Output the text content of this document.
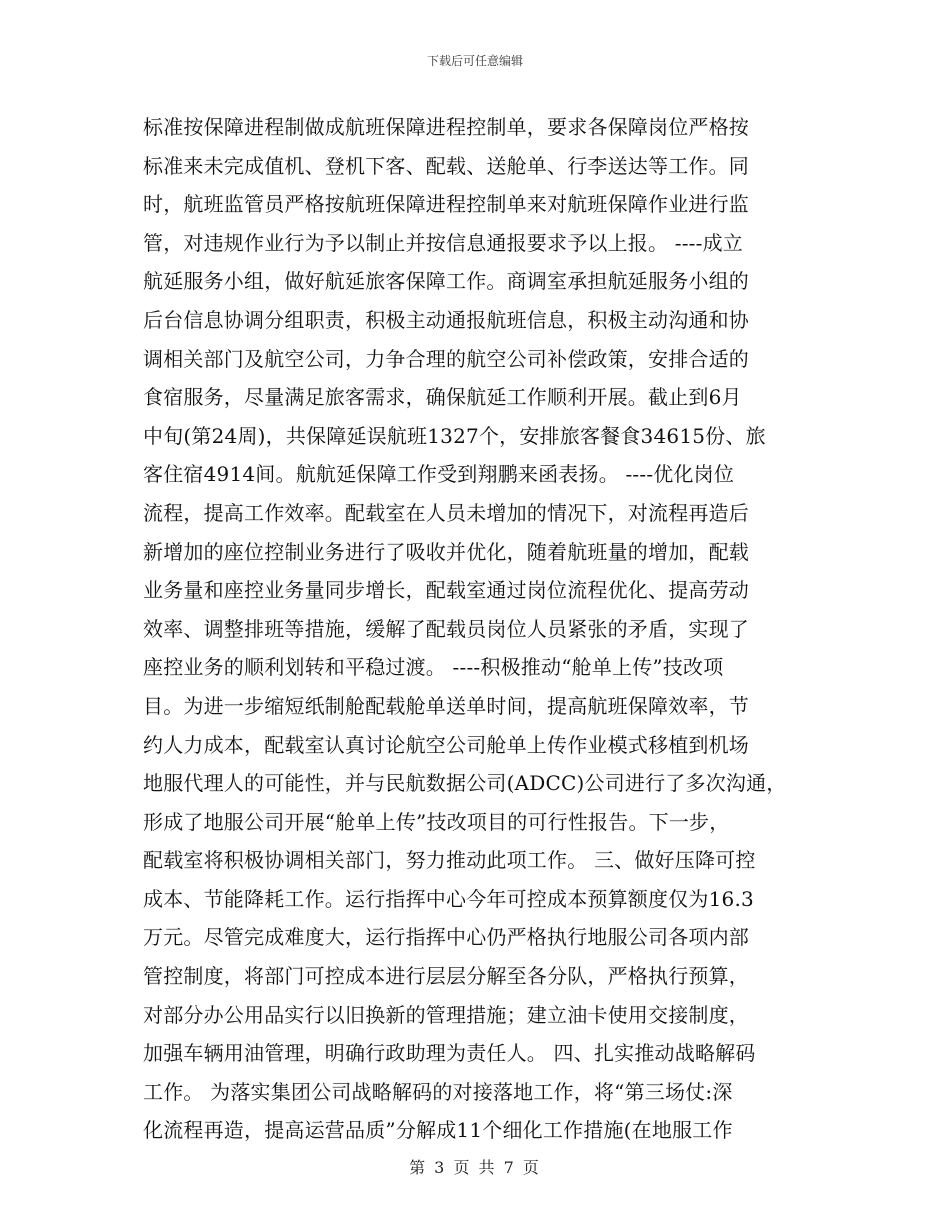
下载后可任意编辑
标准按保障进程制做成航班保障进程控制单，要求各保障岗位严格按
标准来未完成值机、登机下客、配载、送舱单、行李送达等工作。同
时，航班监管员严格按航班保障进程控制单来对航班保障作业进行监
管，对违规作业行为予以制止并按信息通报要求予以上报。 ----成立
航延服务小组，做好航延旅客保障工作。商调室承担航延服务小组的
后台信息协调分组职责，积极主动通报航班信息，积极主动沟通和协
调相关部门及航空公司，力争合理的航空公司补偿政策，安排合适的
食宿服务，尽量满足旅客需求，确保航延工作顺利开展。截止到6月
中旬(第24周)，共保障延误航班1327个，安排旅客餐食34615份、旅
客住宿4914间。航航延保障工作受到翔鹏来函表扬。 ----优化岗位
流程，提高工作效率。配载室在人员未增加的情况下，对流程再造后
新增加的座位控制业务进行了吸收并优化，随着航班量的增加，配载
业务量和座控业务量同步增长，配载室通过岗位流程优化、提高劳动
效率、调整排班等措施，缓解了配载员岗位人员紧张的矛盾，实现了
座控业务的顺利划转和平稳过渡。 ----积极推动“舱单上传”技改项
目。为进一步缩短纸制舱配载舱单送单时间，提高航班保障效率，节
约人力成本，配载室认真讨论航空公司舱单上传作业模式移植到机场
地服代理人的可能性，并与民航数据公司(ADCC)公司进行了多次沟通，
形成了地服公司开展“舱单上传”技改项目的可行性报告。下一步，
配载室将积极协调相关部门，努力推动此项工作。 三、做好压降可控
成本、节能降耗工作。运行指挥中心今年可控成本预算额度仅为16.3
万元。尽管完成难度大，运行指挥中心仍严格执行地服公司各项内部
管控制度，将部门可控成本进行层层分解至各分队，严格执行预算，
对部分办公用品实行以旧换新的管理措施；建立油卡使用交接制度，
加强车辆用油管理，明确行政助理为责任人。 四、扎实推动战略解码
工作。 为落实集团公司战略解码的对接落地工作，将“第三场仗:深
化流程再造，提高运营品质”分解成11个细化工作措施(在地服工作
第 3 页 共 7 页
